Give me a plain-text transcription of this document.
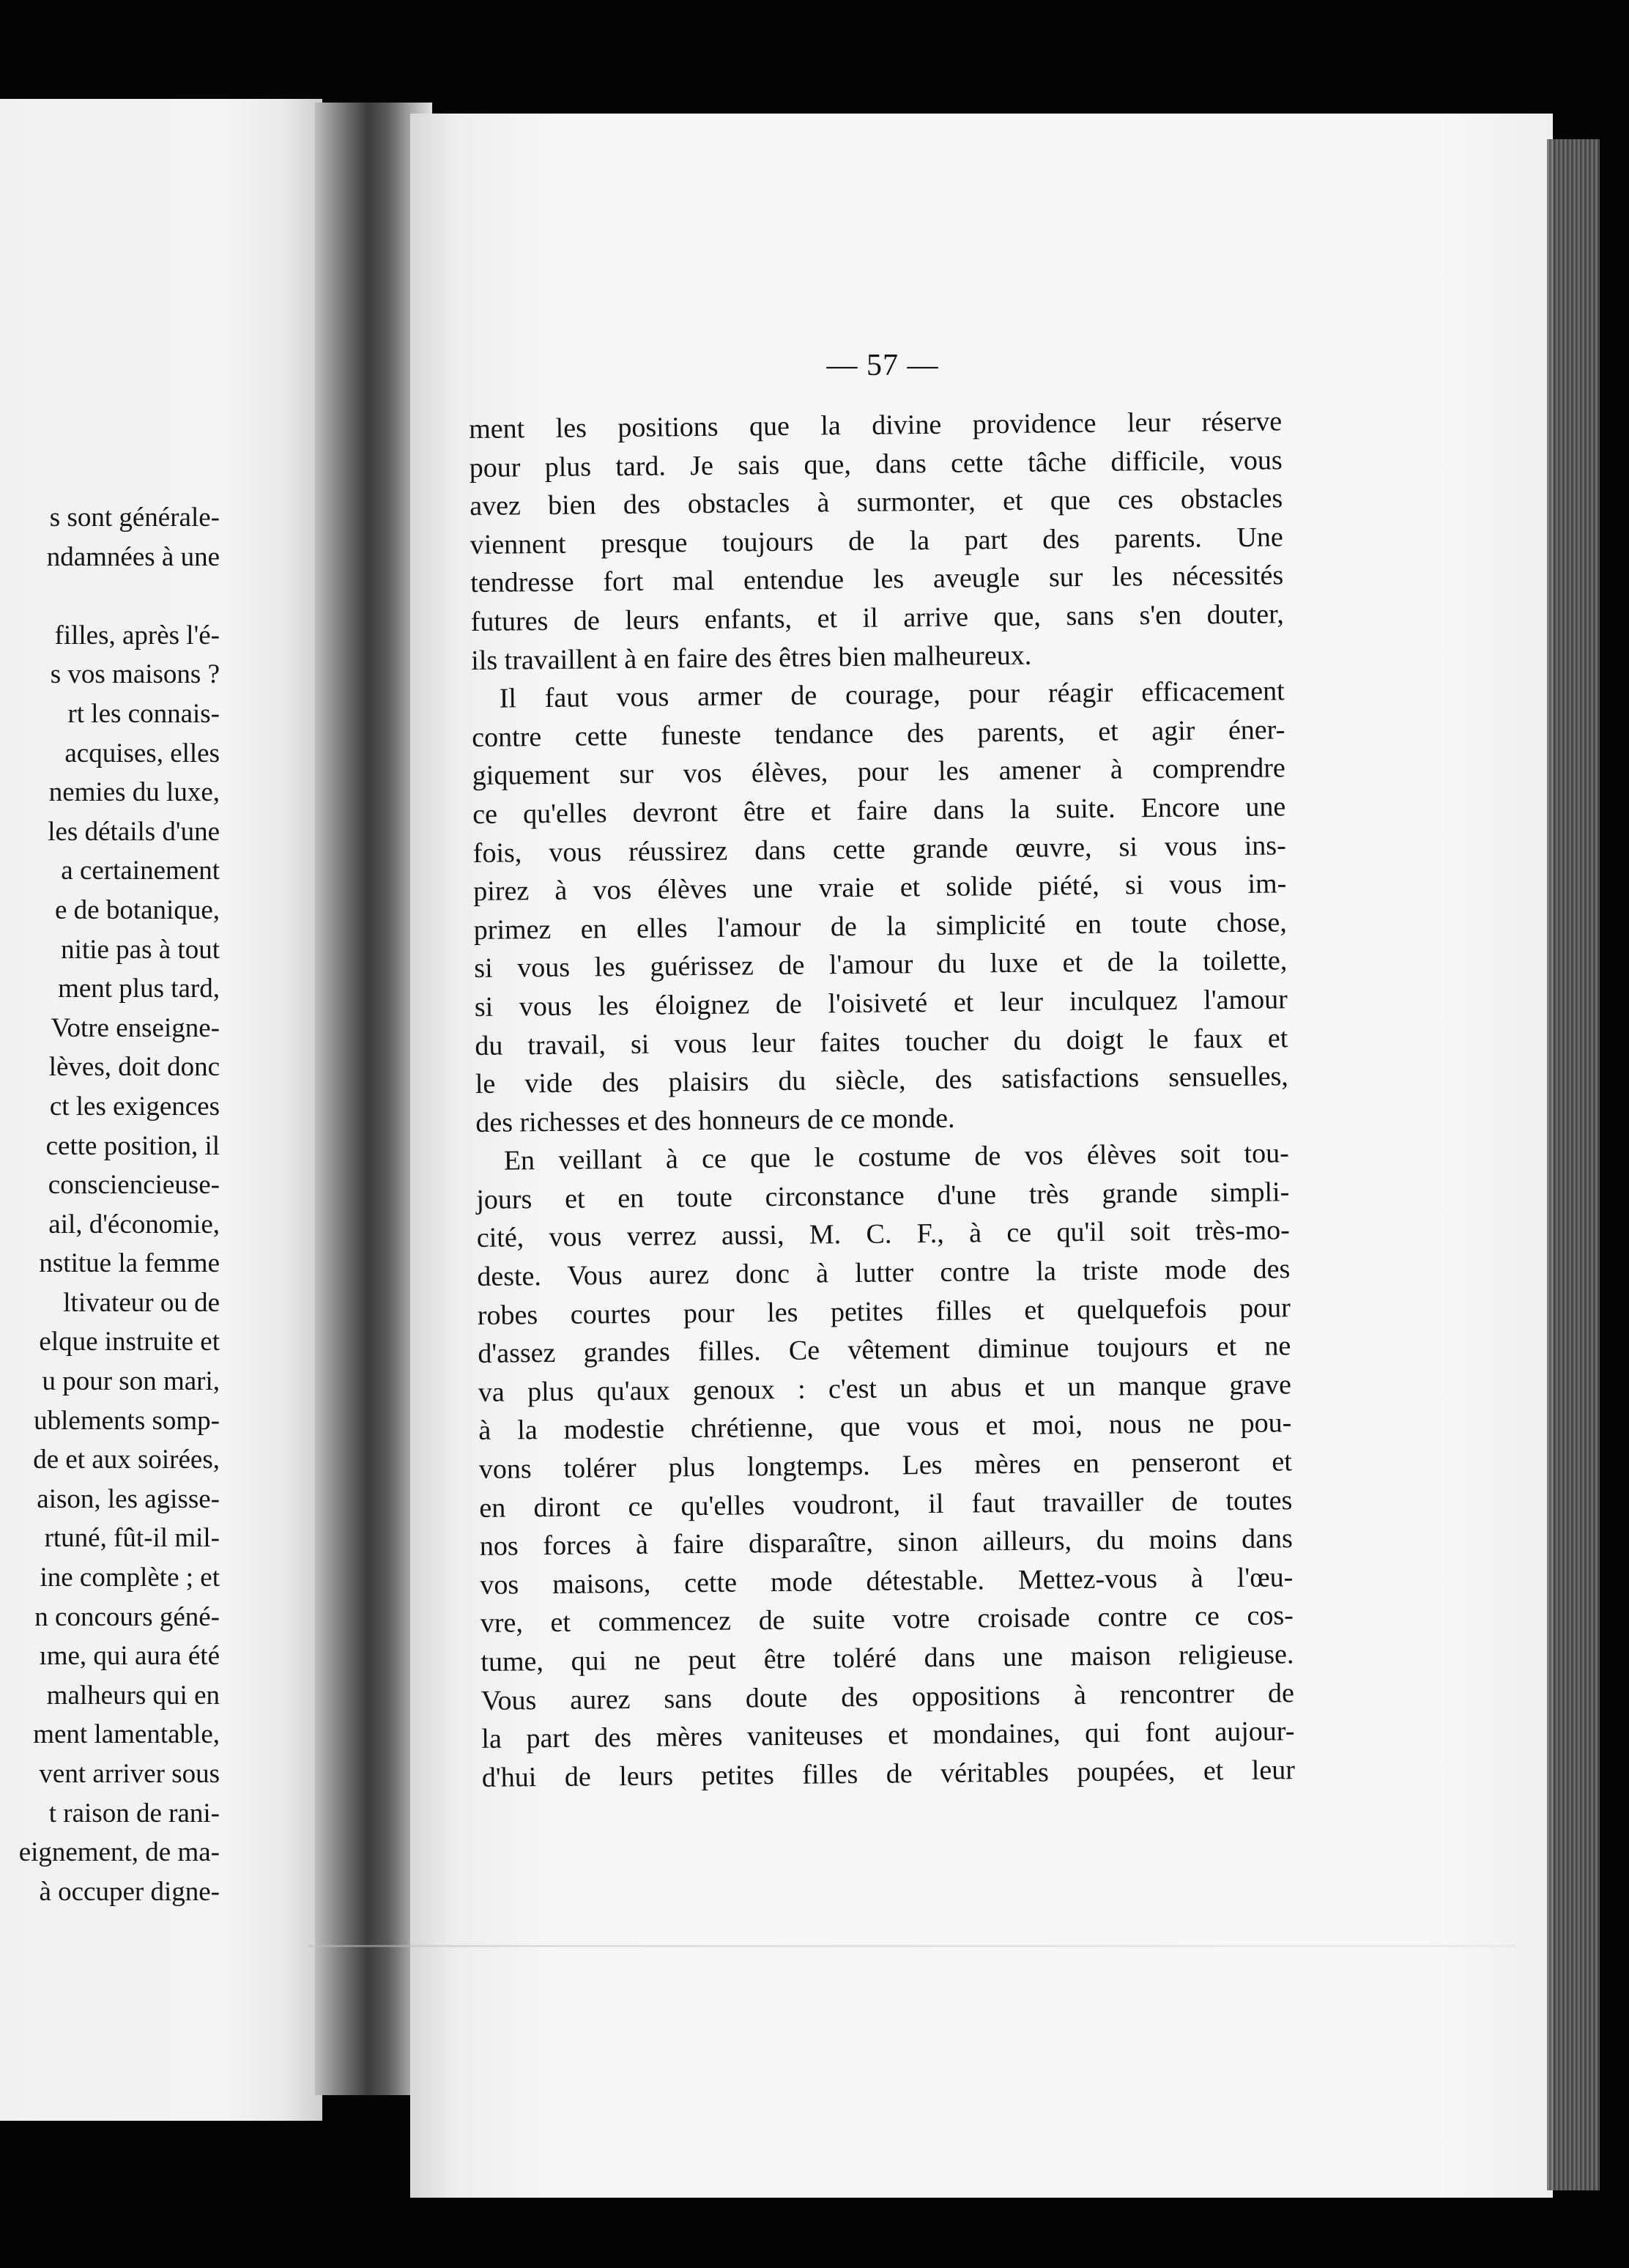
s sont générale-
ndamnées à une
filles, après l'é-
s vos maisons ?
rt les connais-
acquises, elles
nemies du luxe,
les détails d'une
a certainement
e de botanique,
nitie pas à tout
ment plus tard,
Votre enseigne-
lèves, doit donc
ct les exigences
cette position, il
consciencieuse-
ail, d'économie,
nstitue la femme
ltivateur ou de
elque instruite et
u pour son mari,
ublements somp-
de et aux soirées,
aison, les agisse-
rtuné, fût-il mil-
ine complète ; et
n concours géné-
ıme, qui aura été
malheurs qui en
ment lamentable,
vent arriver sous
t raison de rani-
eignement, de ma-
à occuper digne-
— 57 —
ment les positions que la divine providence leur réserve
pour plus tard. Je sais que, dans cette tâche difficile, vous
avez bien des obstacles à surmonter, et que ces obstacles
viennent presque toujours de la part des parents. Une
tendresse fort mal entendue les aveugle sur les nécessités
futures de leurs enfants, et il arrive que, sans s'en douter,
ils travaillent à en faire des êtres bien malheureux.
Il faut vous armer de courage, pour réagir efficacement
contre cette funeste tendance des parents, et agir éner-
giquement sur vos élèves, pour les amener à comprendre
ce qu'elles devront être et faire dans la suite. Encore une
fois, vous réussirez dans cette grande œuvre, si vous ins-
pirez à vos élèves une vraie et solide piété, si vous im-
primez en elles l'amour de la simplicité en toute chose,
si vous les guérissez de l'amour du luxe et de la toilette,
si vous les éloignez de l'oisiveté et leur inculquez l'amour
du travail, si vous leur faites toucher du doigt le faux et
le vide des plaisirs du siècle, des satisfactions sensuelles,
des richesses et des honneurs de ce monde.
En veillant à ce que le costume de vos élèves soit tou-
jours et en toute circonstance d'une très grande simpli-
cité, vous verrez aussi, M. C. F., à ce qu'il soit très-mo-
deste. Vous aurez donc à lutter contre la triste mode des
robes courtes pour les petites filles et quelquefois pour
d'assez grandes filles. Ce vêtement diminue toujours et ne
va plus qu'aux genoux : c'est un abus et un manque grave
à la modestie chrétienne, que vous et moi, nous ne pou-
vons tolérer plus longtemps. Les mères en penseront et
en diront ce qu'elles voudront, il faut travailler de toutes
nos forces à faire disparaître, sinon ailleurs, du moins dans
vos maisons, cette mode détestable. Mettez-vous à l'œu-
vre, et commencez de suite votre croisade contre ce cos-
tume, qui ne peut être toléré dans une maison religieuse.
Vous aurez sans doute des oppositions à rencontrer de
la part des mères vaniteuses et mondaines, qui font aujour-
d'hui de leurs petites filles de véritables poupées, et leur
